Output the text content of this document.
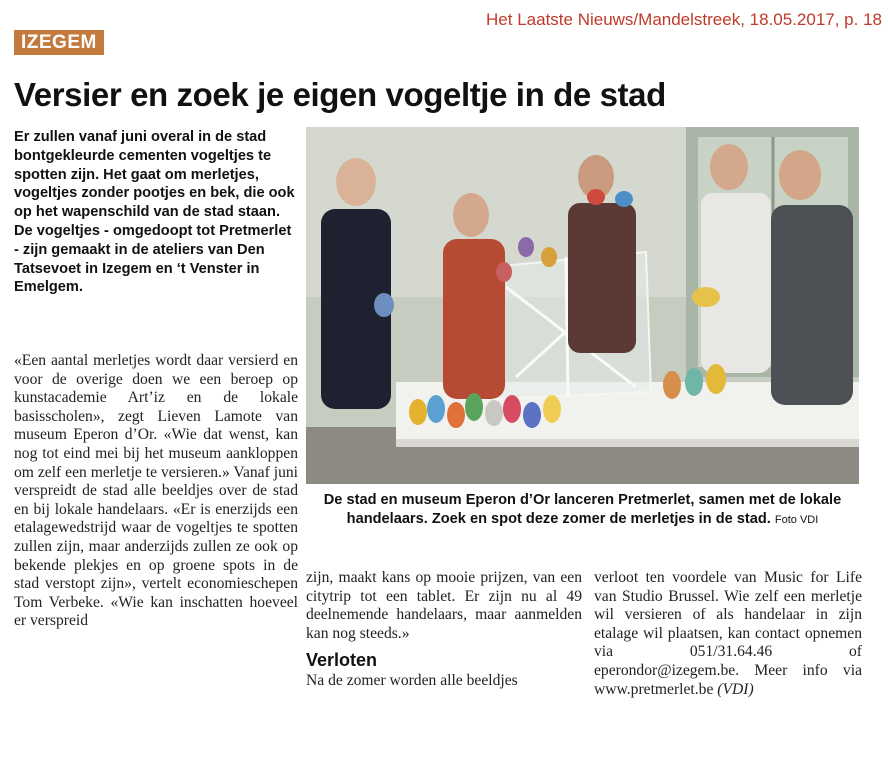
Het Laatste Nieuws/Mandelstreek, 18.05.2017, p. 18
IZEGEM
Versier en zoek je eigen vogeltje in de stad
Er zullen vanaf juni overal in de stad bontgekleurde cementen vogeltjes te spotten zijn. Het gaat om merletjes, vogeltjes zonder pootjes en bek, die ook op het wapenschild van de stad staan. De vogeltjes - omgedoopt tot Pretmerlet - zijn gemaakt in de ateliers van Den Tatsevoet in Izegem en ‘t Venster in Emelgem.

«Een aantal merletjes wordt daar versierd en voor de overige doen we een beroep op kunstacademie Art’iz en de lokale basisscholen», zegt Lieven Lamote van museum Eperon d’Or. «Wie dat wenst, kan nog tot eind mei bij het museum aankloppen om zelf een merletje te versieren.» Vanaf juni verspreidt de stad alle beeldjes over de stad en bij lokale handelaars. «Er is enerzijds een etalagewedstrijd waar de vogeltjes te spotten zullen zijn, maar anderzijds zullen ze ook op bekende plekjes en op groene spots in de stad verstopt zijn», vertelt economieschepen Tom Verbeke. «Wie kan inschatten hoeveel er verspreid

De stad en museum Eperon d’Or lanceren Pretmerlet, samen met de lokale handelaars. Zoek en spot deze zomer de merletjes in de stad. Foto VDI

zijn, maakt kans op mooie prijzen, van een citytrip tot een tablet. Er zijn nu al 49 deelnemende handelaars, maar aanmelden kan nog steeds.»

Verloten

Na de zomer worden alle beeldjes

verloot ten voordele van Music for Life van Studio Brussel. Wie zelf een merletje wil versieren of als handelaar in zijn etalage wil plaatsen, kan contact opnemen via 051/31.64.46 of eperondor@izegem.be. Meer info via www.pretmerlet.be (VDI)
